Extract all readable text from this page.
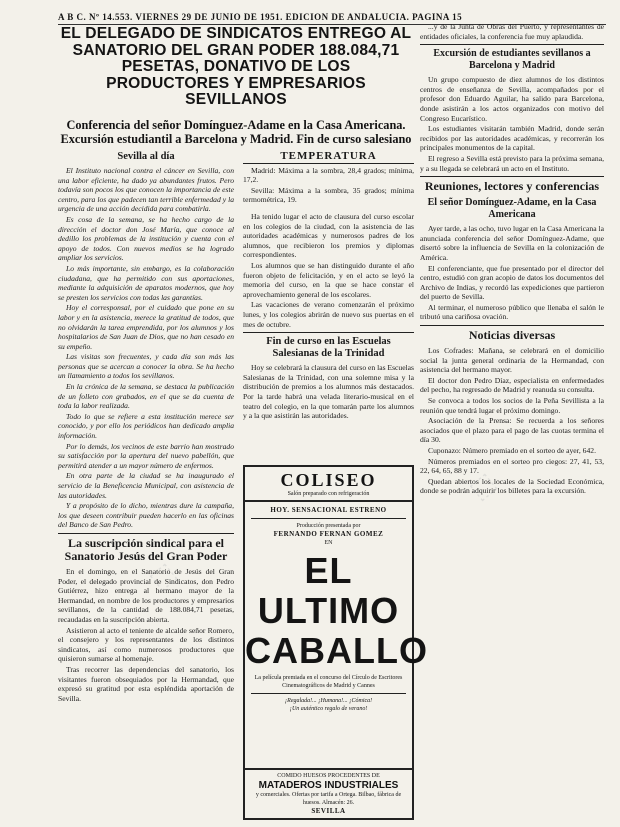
A B C. Nº 14.553. VIERNES 29 DE JUNIO DE 1951. EDICION DE ANDALUCIA. PAGINA 15
EL DELEGADO DE SINDICATOS ENTREGO AL SANATORIO DEL GRAN PODER 188.084,71 PESETAS, DONATIVO DE LOS PRODUCTORES Y EMPRESARIOS SEVILLANOS
Conferencia del señor Domínguez-Adame en la Casa Americana. Excursión estudiantil a Barcelona y Madrid. Fin de curso salesiano
Sevilla al día

El Instituto nacional contra el cáncer en Sevilla, con una labor eficiente, ha dado ya abundantes frutos. Pero todavía son pocos los que conocen la importancia de este centro, para los que padecen tan terrible enfermedad y la urgencia de una acción decidida para combatirla.

Es cosa de la semana, se ha hecho cargo de la dirección el doctor don José María, que conoce al dedillo los problemas de la institución y cuenta con el apoyo de todos. Con nuevos medios se ha logrado ampliar los servicios.

Lo más importante, sin embargo, es la colaboración ciudadana, que ha permitido con sus aportaciones, mediante la adquisición de aparatos modernos, que hoy se presten los servicios con todas las garantías.

Hoy el corresponsal, por el cuidado que pone en su labor y en la asistencia, merece la gratitud de todos, que no olvidarán la tarea emprendida, por los alumnos y los hospitalarios de San Juan de Dios, que no han cesado en su empeño.

Las visitas son frecuentes, y cada día son más las personas que se acercan a conocer la obra. Se ha hecho un llamamiento a todos los sevillanos.

En la crónica de la semana, se destaca la publicación de un folleto con grabados, en el que se da cuenta de toda la labor realizada.

Todo lo que se refiere a esta institución merece ser conocido, y por ello los periódicos han dedicado amplia información.

Por lo demás, los vecinos de este barrio han mostrado su satisfacción por la apertura del nuevo pabellón, que permitirá atender a un mayor número de enfermos.

En otra parte de la ciudad se ha inaugurado el servicio de la Beneficencia Municipal, con asistencia de las autoridades.

Y a propósito de lo dicho, mientras dure la campaña, los que deseen contribuir pueden hacerlo en las oficinas del Banco de San Pedro.

La suscripción sindical para el Sanatorio Jesús del Gran Poder

En el domingo, en el Sanatorio de Jesús del Gran Poder, el delegado provincial de Sindicatos, don Pedro Gutiérrez, hizo entrega al hermano mayor de la Hermandad, en nombre de los productores y empresarios sevillanos, de la cantidad de 188.084,71 pesetas, recaudadas en la suscripción abierta.

Asistieron al acto el teniente de alcalde señor Romero, el consejero y los representantes de los distintos sindicatos, así como numerosos productores que quisieron sumarse al homenaje.

Tras recorrer las dependencias del sanatorio, los visitantes fueron obsequiados por la Hermandad, que expresó su gratitud por esta espléndida aportación de Sevilla.

TEMPERATURA

Madrid: Máxima a la sombra, 28,4 grados; mínima, 17,2.

Sevilla: Máxima a la sombra, 35 grados; mínima termométrica, 19.

Ha tenido lugar el acto de clausura del curso escolar en los colegios de la ciudad, con la asistencia de las autoridades académicas y numerosos padres de los alumnos, que recibieron los premios y diplomas correspondientes.

Los alumnos que se han distinguido durante el año fueron objeto de felicitación, y en el acto se leyó la memoria del curso, en la que se hace constar el aprovechamiento general de los escolares.

Las vacaciones de verano comenzarán el próximo lunes, y los colegios abrirán de nuevo sus puertas en el mes de octubre.

Fin de curso en las Escuelas Salesianas de la Trinidad

Hoy se celebrará la clausura del curso en las Escuelas Salesianas de la Trinidad, con una solemne misa y la distribución de premios a los alumnos más destacados. Por la tarde habrá una velada literario-musical en el teatro del colegio, en la que tomarán parte los alumnos y a la que asistirán las autoridades.

COLISEO
Salón preparado con refrigeración
HOY. SENSACIONAL ESTRENO
Producción presentada por
FERNANDO FERNAN GOMEZ
EN
EL
ULTIMO
CABALLO
La película premiada en el concurso del Círculo de Escritores Cinematográficos de Madrid y Cannes
¡Regalada!... ¡Humana!... ¡Cómica!
¡Un auténtico regalo de verano!
COMIDO HUESOS PROCEDENTES DE
MATADEROS INDUSTRIALES
y comerciales. Ofertas por tarifa a Ortega. Bilbao, fábrica de huesos. Almacén: 26.
SEVILLA

...y de la Junta de Obras del Puerto, y representantes de entidades oficiales, la conferencia fue muy aplaudida.

Excursión de estudiantes sevillanos a Barcelona y Madrid

Un grupo compuesto de diez alumnos de los distintos centros de enseñanza de Sevilla, acompañados por el profesor don Eduardo Aguilar, ha salido para Barcelona, donde asistirán a los actos organizados con motivo del Congreso Eucarístico.

Los estudiantes visitarán también Madrid, donde serán recibidos por las autoridades académicas, y recorrerán los principales monumentos de la capital.

El regreso a Sevilla está previsto para la próxima semana, y a su llegada se celebrará un acto en el Instituto.

Reuniones, lectores y conferencias
El señor Domínguez-Adame, en la Casa Americana

Ayer tarde, a las ocho, tuvo lugar en la Casa Americana la anunciada conferencia del señor Domínguez-Adame, que disertó sobre la influencia de Sevilla en la colonización de América.

El conferenciante, que fue presentado por el director del centro, estudió con gran acopio de datos los documentos del Archivo de Indias, y recordó las expediciones que partieron del puerto de Sevilla.

Al terminar, el numeroso público que llenaba el salón le tributó una cariñosa ovación.

Noticias diversas

Los Cofrades: Mañana, se celebrará en el domicilio social la junta general ordinaria de la Hermandad, con asistencia del hermano mayor.

El doctor don Pedro Díaz, especialista en enfermedades del pecho, ha regresado de Madrid y reanuda su consulta.

Se convoca a todos los socios de la Peña Sevillista a la reunión que tendrá lugar el próximo domingo.

Asociación de la Prensa: Se recuerda a los señores asociados que el plazo para el pago de las cuotas termina el día 30.

Cuponazo: Número premiado en el sorteo de ayer, 642.

Números premiados en el sorteo pro ciegos: 27, 41, 53, 22, 64, 65, 88 y 17.

Quedan abiertos los locales de la Sociedad Económica, donde se podrán adquirir los billetes para la excursión.

⬚
⬚
